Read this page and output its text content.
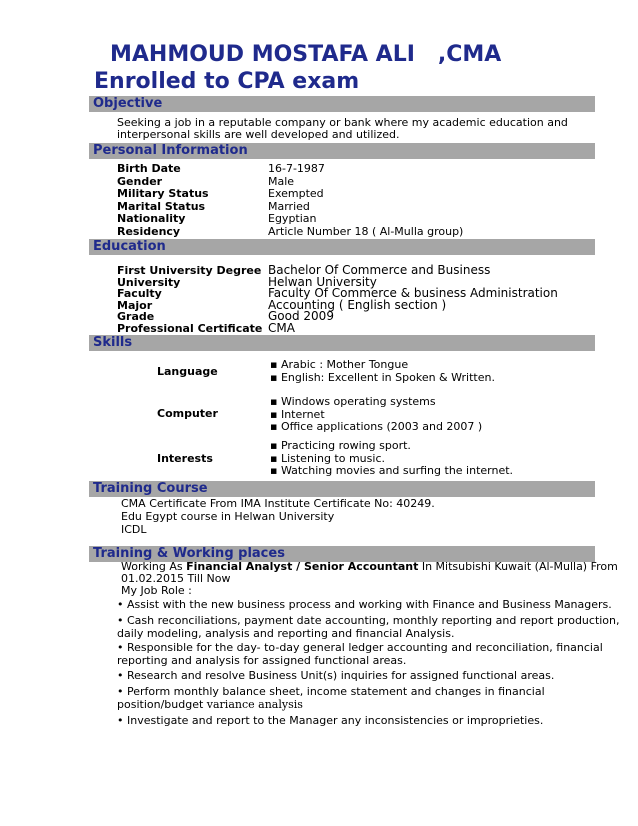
MAHMOUD MOSTAFA ALI   ,CMA
Enrolled to CPA exam
Objective
Seeking a job in a reputable company or bank where my academic education and
interpersonal skills are well developed and utilized.
Personal Information
Birth Date
Gender
Military Status
Marital Status
Nationality
Residency
16-7-1987
Male
Exempted
Married
Egyptian
Article Number 18 ( Al-Mulla group)
Education
First University Degree
University
Faculty
Major
Grade
Professional Certificate
Bachelor Of Commerce and Business
Helwan University
Faculty Of Commerce & business Administration
Accounting ( English section )
Good 2009
CMA
Skills
Language
▪ Arabic : Mother Tongue
▪ English: Excellent in Spoken & Written.
Computer
▪ Windows operating systems
▪ Internet
▪ Office applications (2003 and 2007 )
Interests
▪ Practicing rowing sport.
▪ Listening to music.
▪ Watching movies and surfing the internet.
Training Course
CMA Certificate From IMA Institute Certificate No: 40249.
Edu Egypt course in Helwan University
ICDL
Training & Working places
Working As Financial Analyst / Senior Accountant In Mitsubishi Kuwait (Al-Mulla) From
01.02.2015 Till Now
My Job Role :
• Assist with the new business process and working with Finance and Business Managers.
• Cash reconciliations, payment date accounting, monthly reporting and report production,
daily modeling, analysis and reporting and financial Analysis.
• Responsible for the day- to-day general ledger accounting and reconciliation, financial
reporting and analysis for assigned functional areas.
• Research and resolve Business Unit(s) inquiries for assigned functional areas.
• Perform monthly balance sheet, income statement and changes in financial
position/budget variance analysis
• Investigate and report to the Manager any inconsistencies or improprieties.
